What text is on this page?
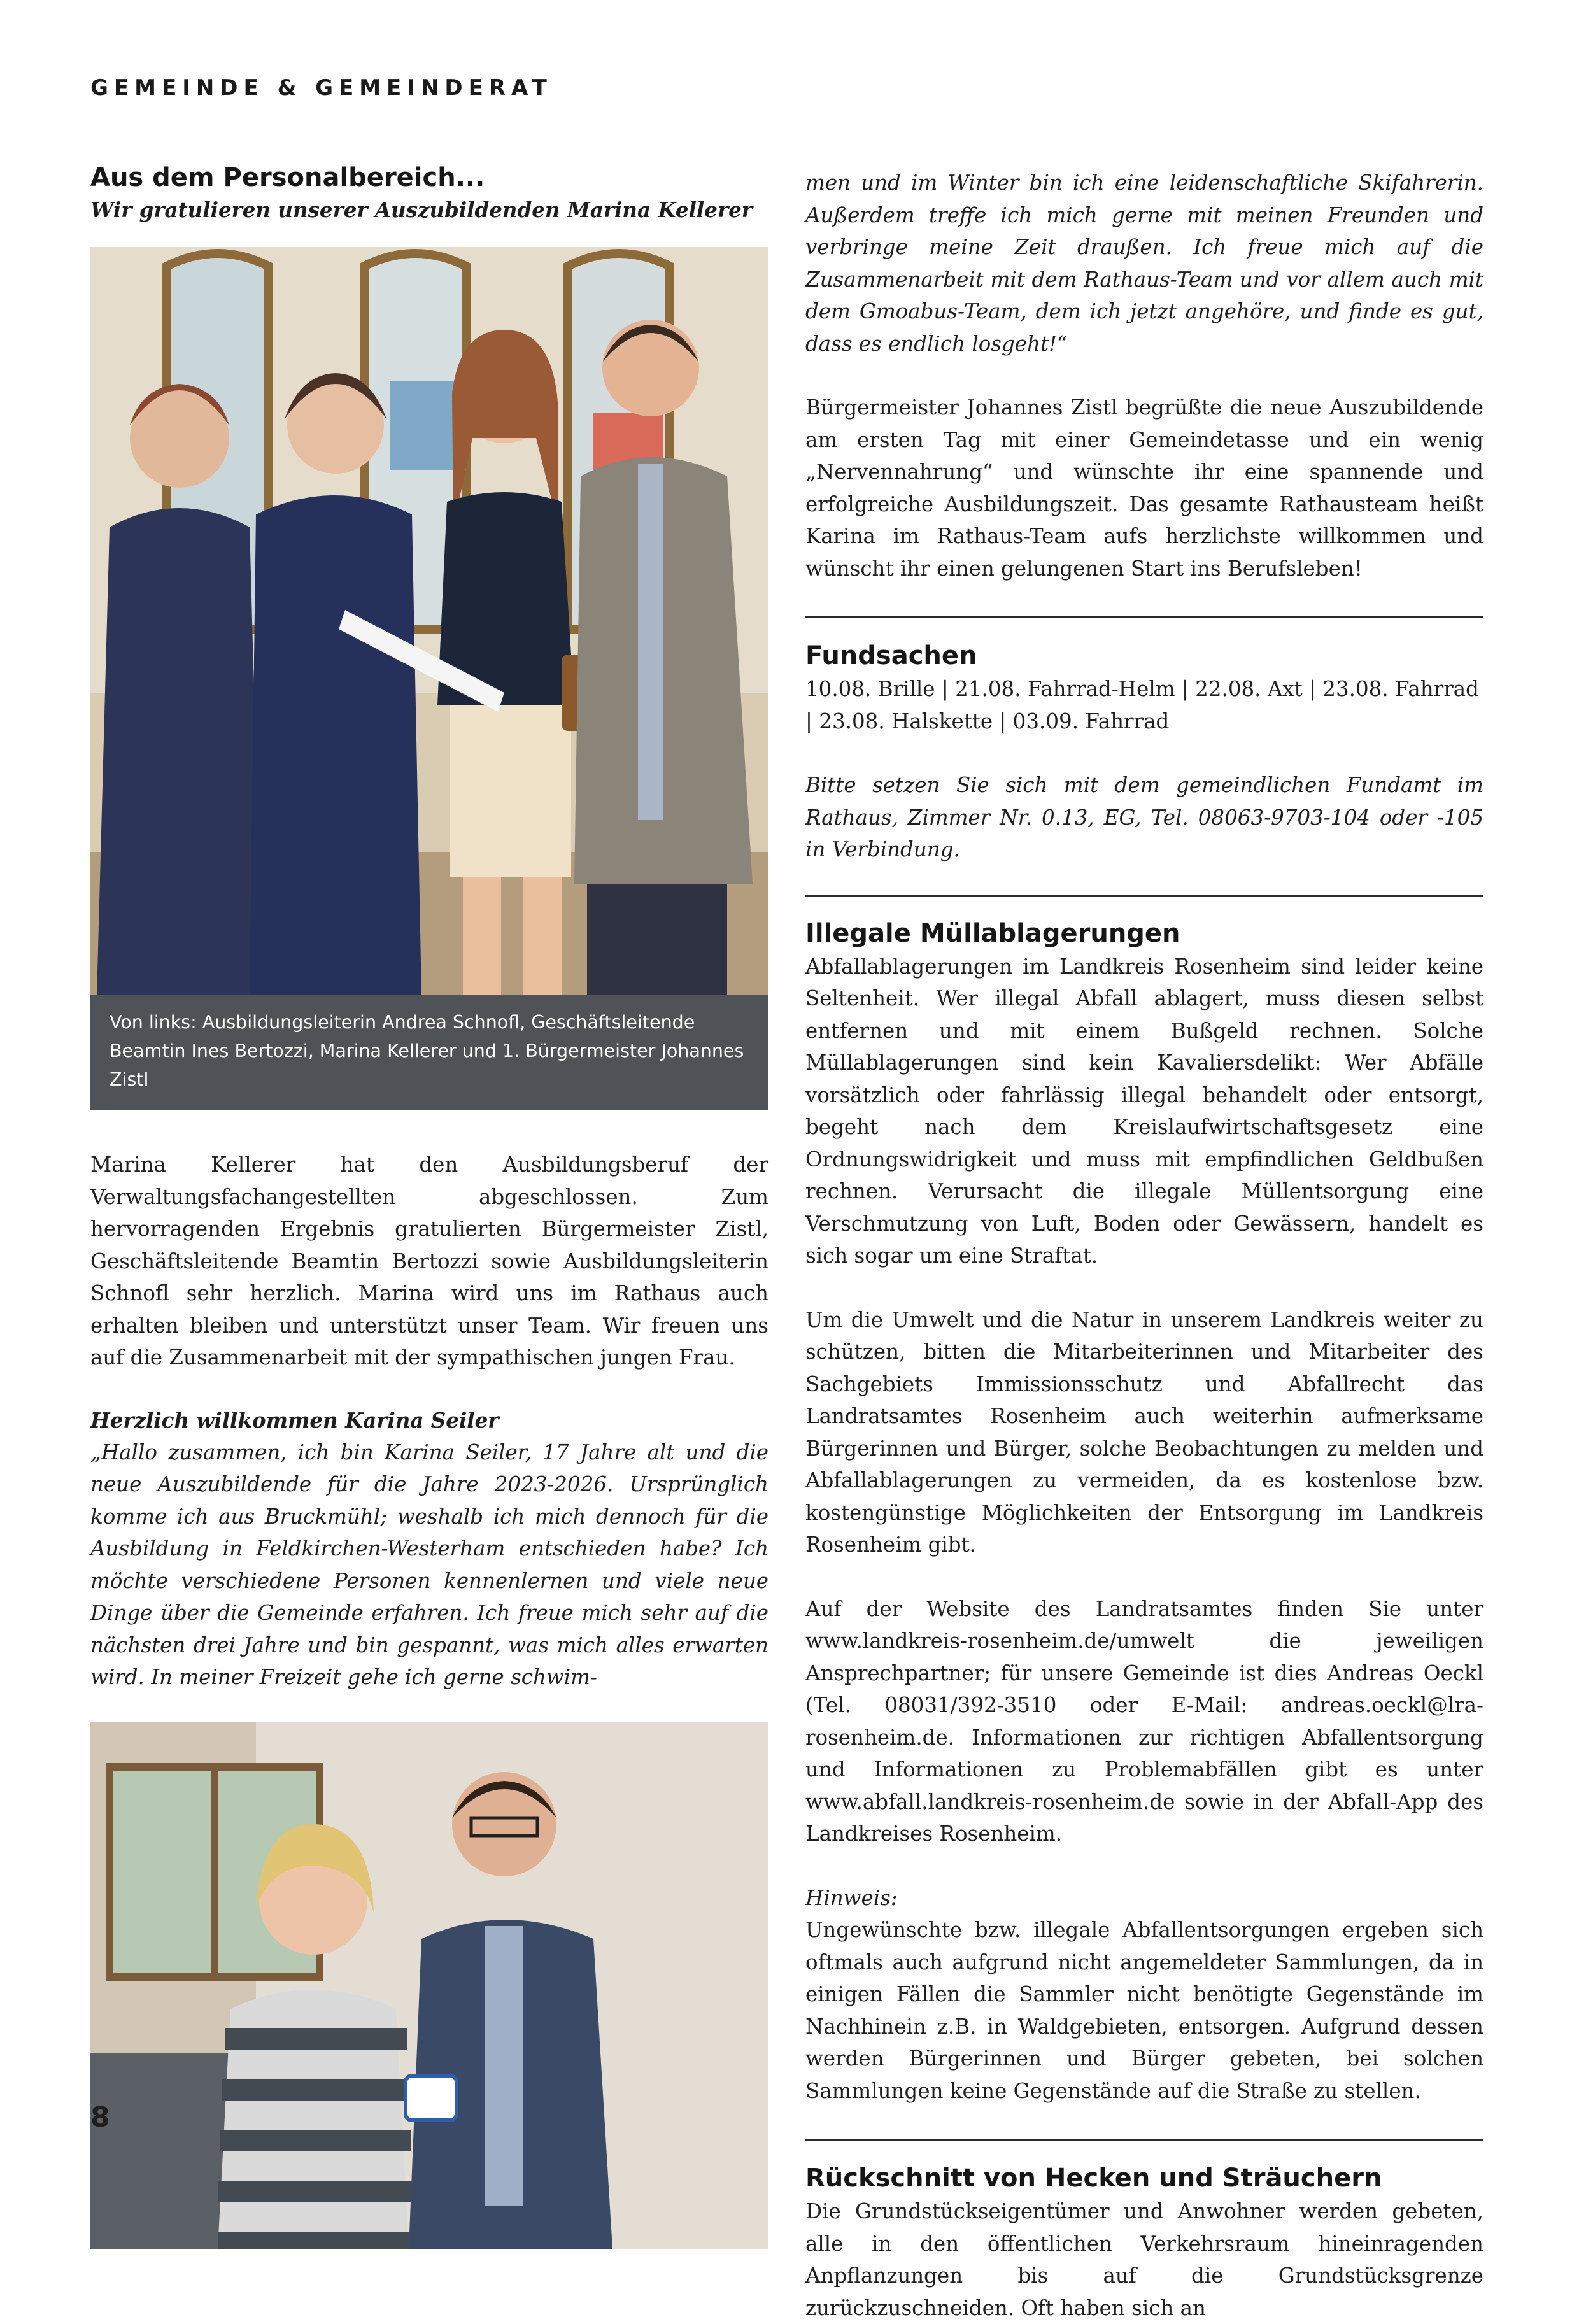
GEMEINDE & GEMEINDERAT
Aus dem Personalbereich...

Wir gratulieren unserer Auszubildenden Marina Kellerer

Von links: Ausbildungsleiterin Andrea Schnofl, Geschäftsleitende Beamtin Ines Bertozzi, Marina Kellerer und 1. Bürgermeister Johannes Zistl

Marina Kellerer hat den Ausbildungsberuf der Verwaltungsfachangestellten abgeschlossen. Zum hervorragenden Ergebnis gratulierten Bürgermeister Zistl, Geschäftsleitende Beamtin Bertozzi sowie Ausbildungsleiterin Schnofl sehr herzlich. Marina wird uns im Rathaus auch erhalten bleiben und unterstützt unser Team. Wir freuen uns auf die Zusammenarbeit mit der sympathischen jungen Frau.

Herzlich willkommen Karina Seiler

„Hallo zusammen, ich bin Karina Seiler, 17 Jahre alt und die neue Auszubildende für die Jahre 2023-2026. Ursprünglich komme ich aus Bruckmühl; weshalb ich mich dennoch für die Ausbildung in Feldkirchen-Westerham entschieden habe? Ich möchte verschiedene Personen kennenlernen und viele neue Dinge über die Gemeinde erfahren. Ich freue mich sehr auf die nächsten drei Jahre und bin gespannt, was mich alles erwarten wird. In meiner Freizeit gehe ich gerne schwim-

men und im Winter bin ich eine leidenschaftliche Skifahrerin. Außerdem treffe ich mich gerne mit meinen Freunden und verbringe meine Zeit draußen. Ich freue mich auf die Zusammenarbeit mit dem Rathaus-Team und vor allem auch mit dem Gmoabus-Team, dem ich jetzt angehöre, und finde es gut, dass es endlich losgeht!“

Bürgermeister Johannes Zistl begrüßte die neue Auszubildende am ersten Tag mit einer Gemeindetasse und ein wenig „Nervennahrung“ und wünschte ihr eine spannende und erfolgreiche Ausbildungszeit. Das gesamte Rathausteam heißt Karina im Rathaus-Team aufs herzlichste willkommen und wünscht ihr einen gelungenen Start ins Berufsleben!

Fundsachen

10.08. Brille | 21.08. Fahrrad-Helm | 22.08. Axt | 23.08. Fahrrad | 23.08. Halskette | 03.09. Fahrrad

Bitte setzen Sie sich mit dem gemeindlichen Fundamt im Rathaus, Zimmer Nr. 0.13, EG, Tel. 08063-9703-104 oder -105 in Verbindung.

Illegale Müllablagerungen

Abfallablagerungen im Landkreis Rosenheim sind leider keine Seltenheit. Wer illegal Abfall ablagert, muss diesen selbst entfernen und mit einem Bußgeld rechnen. Solche Müllablagerungen sind kein Kavaliersdelikt: Wer Abfälle vorsätzlich oder fahrlässig illegal behandelt oder entsorgt, begeht nach dem Kreislaufwirtschaftsgesetz eine Ordnungswidrigkeit und muss mit empfindlichen Geldbußen rechnen. Verursacht die illegale Müllentsorgung eine Verschmutzung von Luft, Boden oder Gewässern, handelt es sich sogar um eine Straftat.

Um die Umwelt und die Natur in unserem Landkreis weiter zu schützen, bitten die Mitarbeiterinnen und Mitarbeiter des Sachgebiets Immissionsschutz und Abfallrecht das Landratsamtes Rosenheim auch weiterhin aufmerksame Bürgerinnen und Bürger, solche Beobachtungen zu melden und Abfallablagerungen zu vermeiden, da es kostenlose bzw. kostengünstige Möglichkeiten der Entsorgung im Landkreis Rosenheim gibt.

Auf der Website des Landratsamtes finden Sie unter www.landkreis-rosenheim.de/umwelt die jeweiligen Ansprechpartner; für unsere Gemeinde ist dies Andreas Oeckl (Tel. 08031/392-3510 oder E-Mail: andreas.oeckl@lra-rosenheim.de. Informationen zur richtigen Abfallentsorgung und Informationen zu Problemabfällen gibt es unter www.abfall.landkreis-rosenheim.de sowie in der Abfall-App des Landkreises Rosenheim.

Hinweis:

Ungewünschte bzw. illegale Abfallentsorgungen ergeben sich oftmals auch aufgrund nicht angemeldeter Sammlungen, da in einigen Fällen die Sammler nicht benötigte Gegenstände im Nachhinein z.B. in Waldgebieten, entsorgen. Aufgrund dessen werden Bürgerinnen und Bürger gebeten, bei solchen Sammlungen keine Gegenstände auf die Straße zu stellen.

Rückschnitt von Hecken und Sträuchern

Die Grundstückseigentümer und Anwohner werden gebeten, alle in den öffentlichen Verkehrsraum hineinragenden Anpflanzungen bis auf die Grundstücksgrenze zurückzuschneiden. Oft haben sich an

8
